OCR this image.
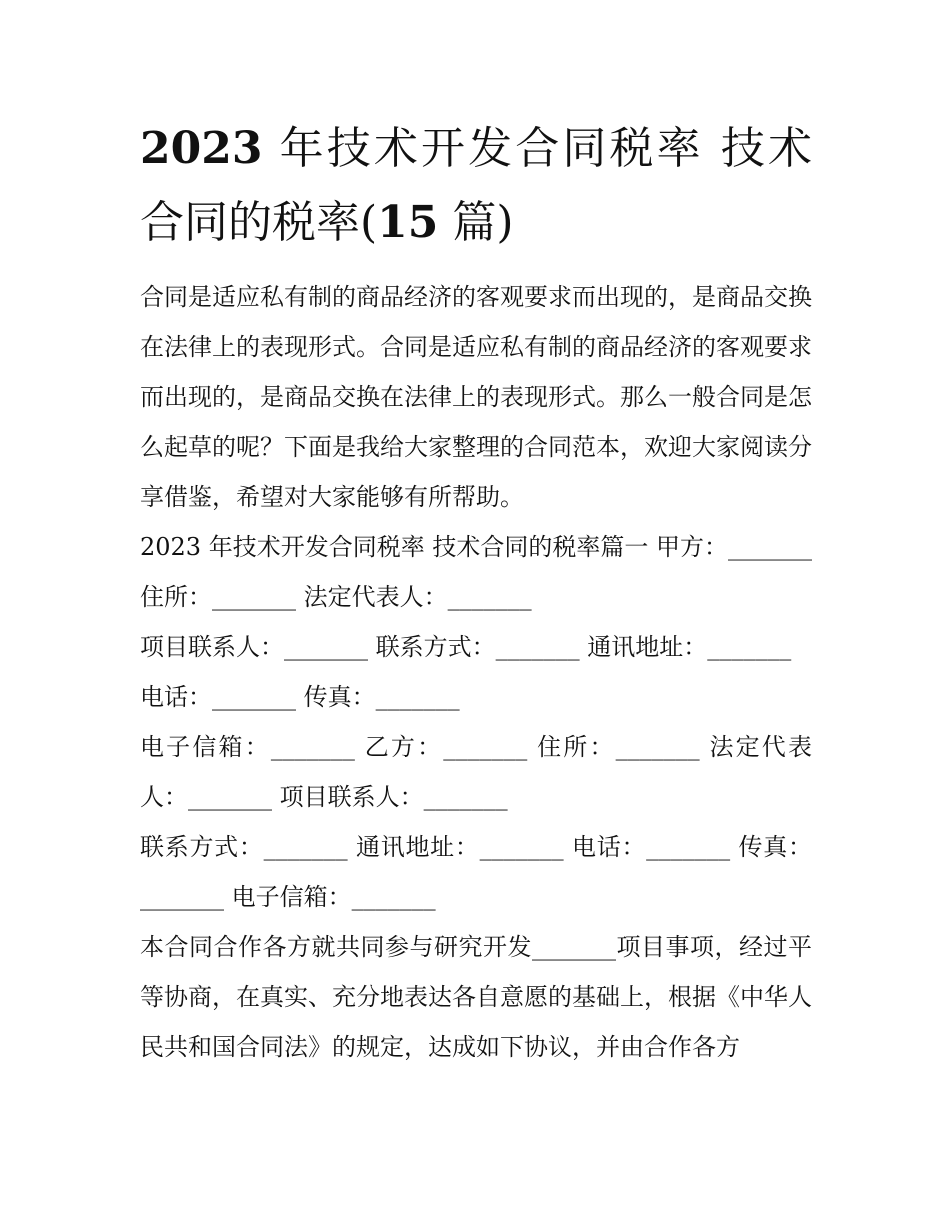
2023 年技术开发合同税率 技术合同的税率(15 篇)

合同是适应私有制的商品经济的客观要求而出现的，是商品交换在法律上的表现形式。合同是适应私有制的商品经济的客观要求而出现的，是商品交换在法律上的表现形式。那么一般合同是怎么起草的呢？下面是我给大家整理的合同范本，欢迎大家阅读分享借鉴，希望对大家能够有所帮助。

2023 年技术开发合同税率 技术合同的税率篇一 甲方：_______

住所：_______ 法定代表人：_______

项目联系人：_______ 联系方式：_______ 通讯地址：_______

电话：_______ 传真：_______

电子信箱：_______ 乙方：_______ 住所：_______ 法定代表人：_______ 项目联系人：_______

联系方式：_______ 通讯地址：_______ 电话：_______ 传真：_______ 电子信箱：_______

本合同合作各方就共同参与研究开发_______项目事项，经过平等协商，在真实、充分地表达各自意愿的基础上，根据《中华人民共和国合同法》的规定，达成如下协议，并由合作各方
